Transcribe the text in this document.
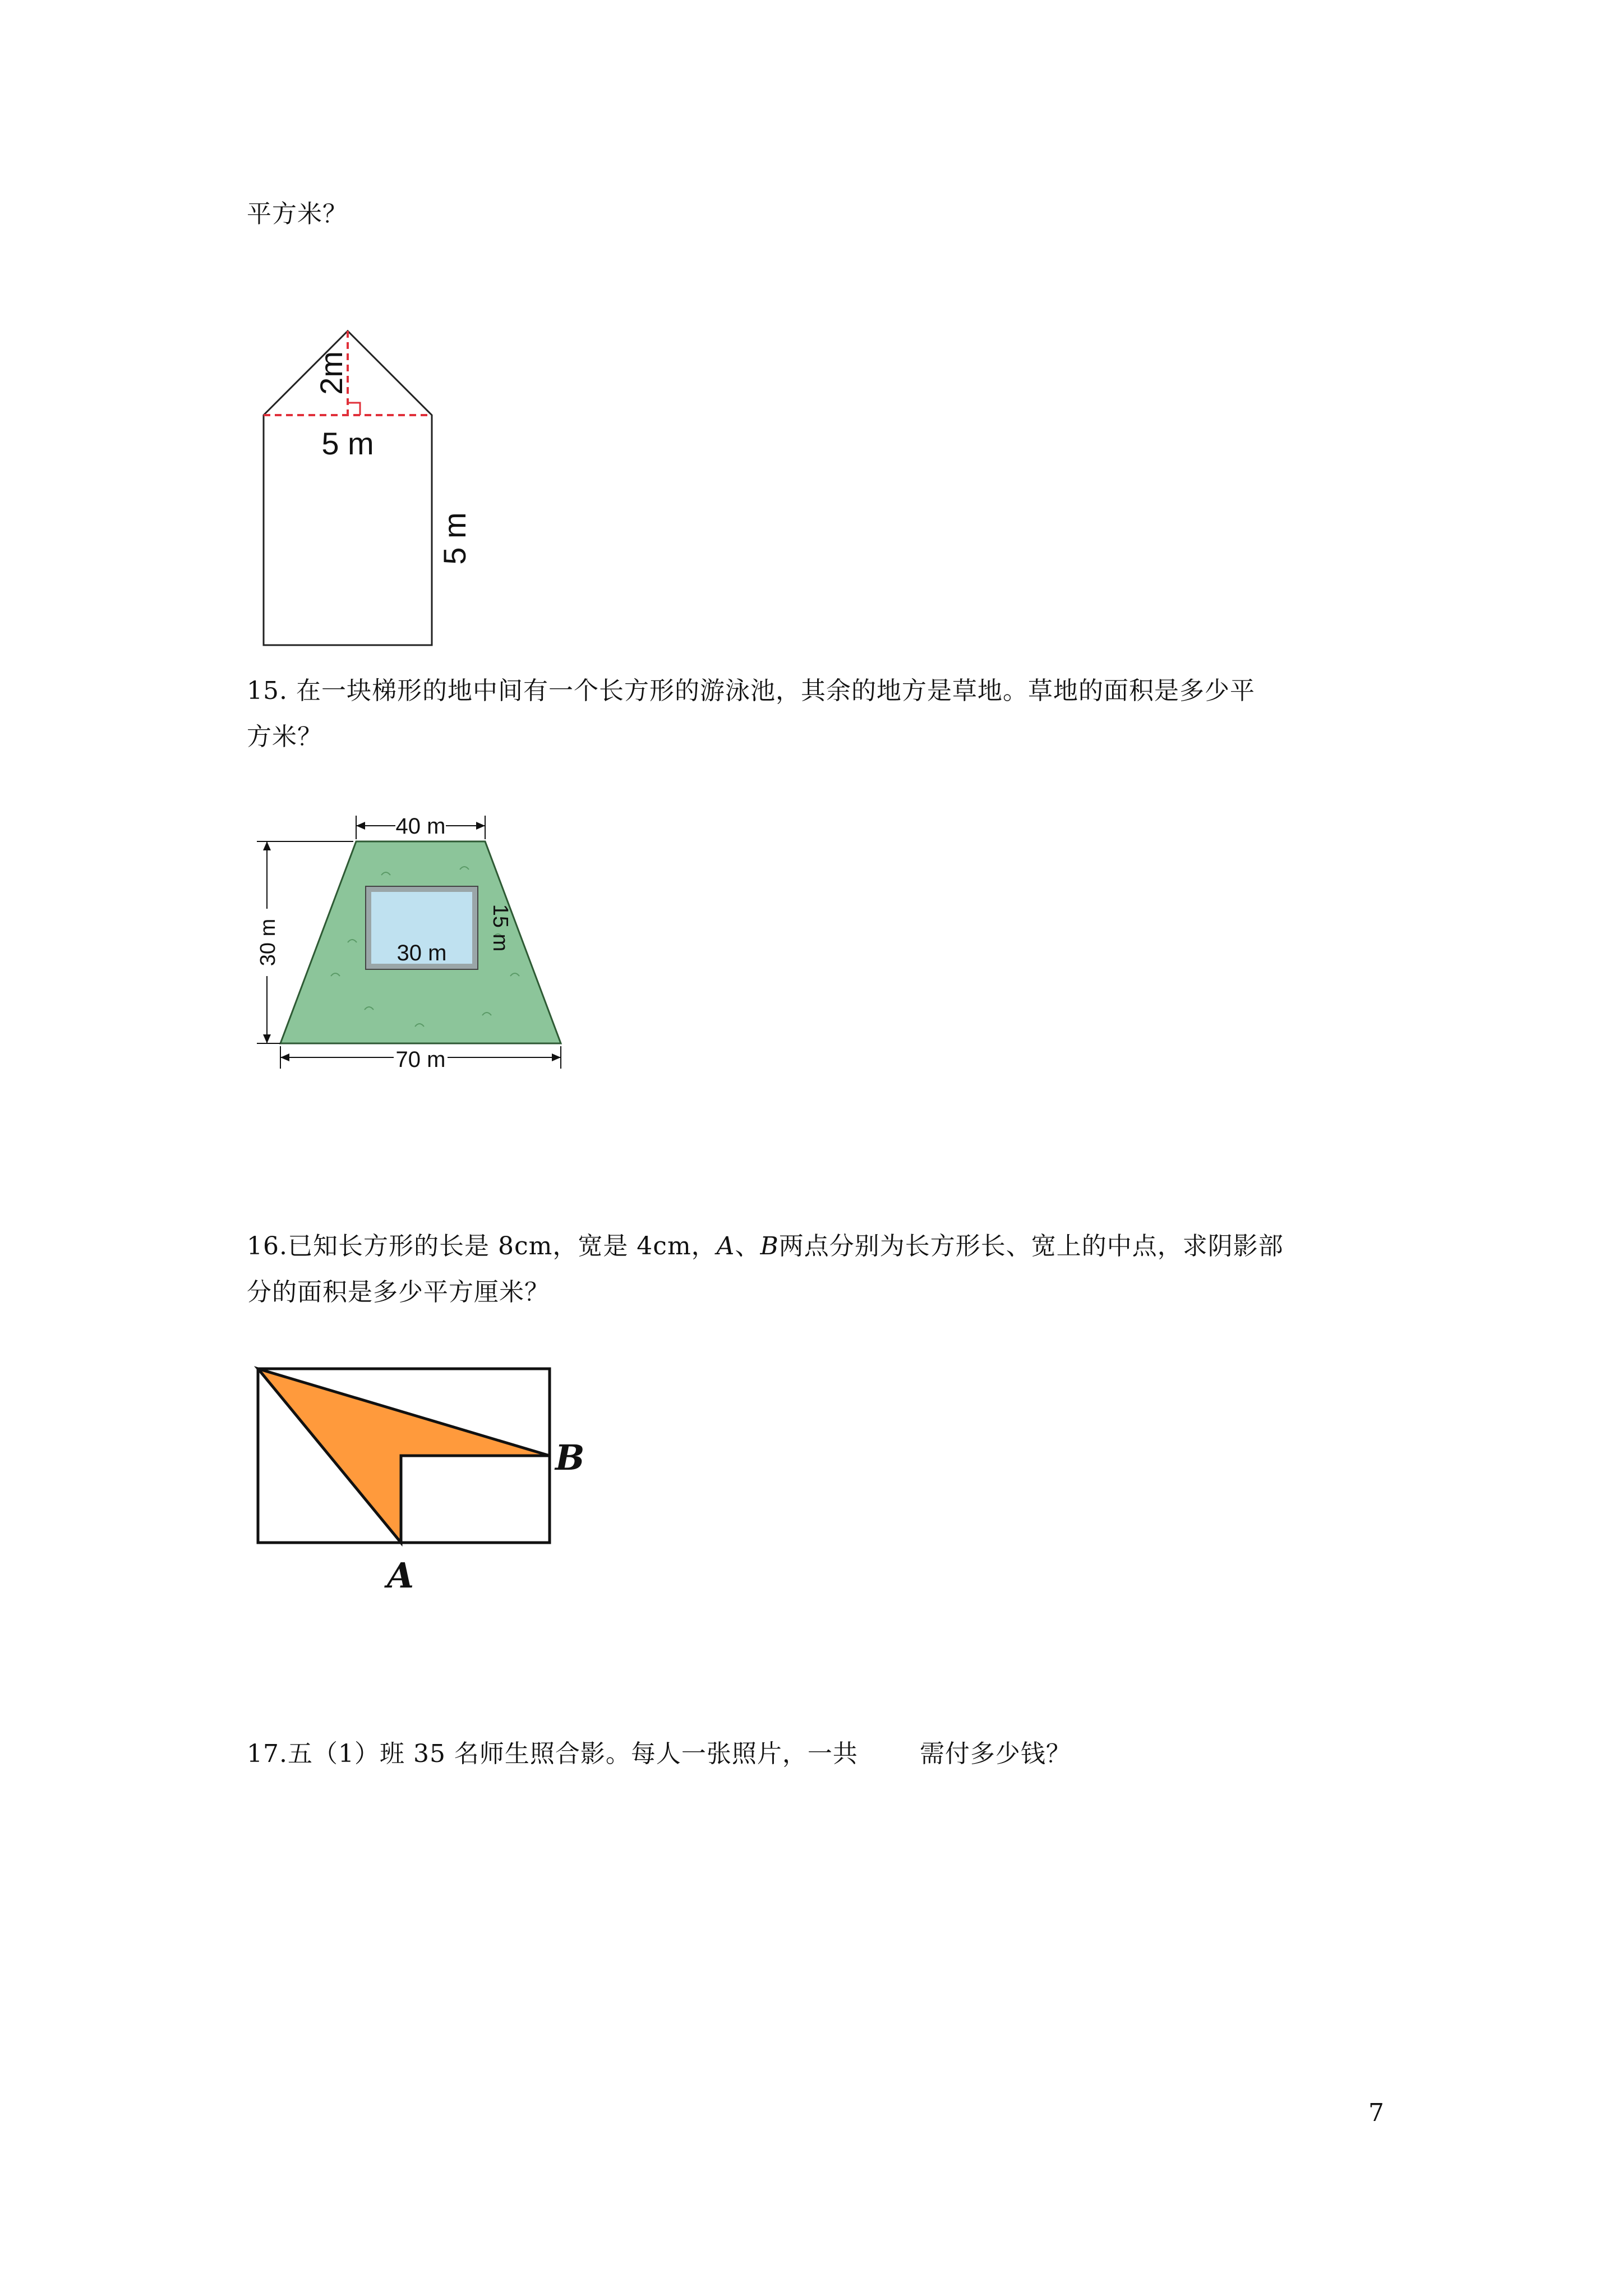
平方米？
2m
5 m
5 m
15. 在一块梯形的地中间有一个长方形的游泳池，其余的地方是草地。草地的面积是多少平
方米？
30 m
15 m
40 m
30 m
70 m
16.已知长方形的长是 8cm，宽是 4cm，A、B两点分别为长方形长、宽上的中点，求阴影部
分的面积是多少平方厘米？
B
A
17.五（1）班 35 名师生照合影。每人一张照片，一共	需付多少钱？
7
